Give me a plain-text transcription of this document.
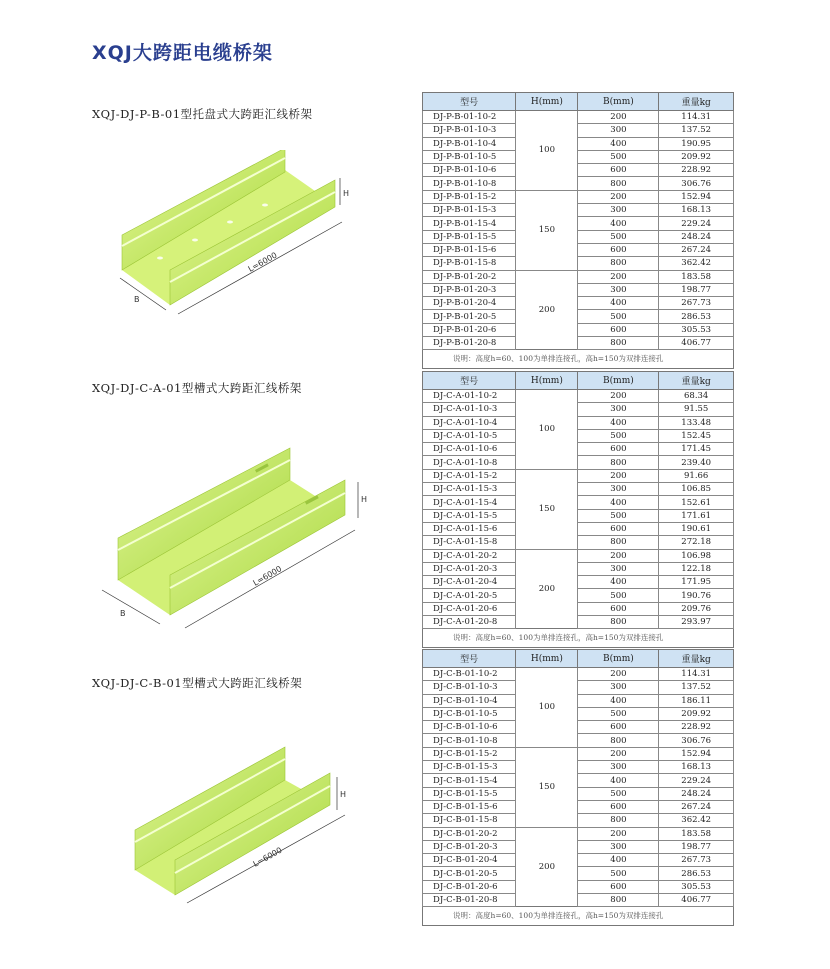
XQJ大跨距电缆桥架
XQJ-DJ-P-B-01型托盘式大跨距汇线桥架
XQJ-DJ-C-A-01型槽式大跨距汇线桥架
XQJ-DJ-C-B-01型槽式大跨距汇线桥架
H
B
L=6000
H
B
L=6000
H
L=6000
型号	H(mm)	B(mm)	重量kg
DJ-P-B-01-10-2	100	200	114.31
DJ-P-B-01-10-3		300	137.52
DJ-P-B-01-10-4		400	190.95
DJ-P-B-01-10-5		500	209.92
DJ-P-B-01-10-6		600	228.92
DJ-P-B-01-10-8		800	306.76
DJ-P-B-01-15-2	150	200	152.94
DJ-P-B-01-15-3		300	168.13
DJ-P-B-01-15-4		400	229.24
DJ-P-B-01-15-5		500	248.24
DJ-P-B-01-15-6		600	267.24
DJ-P-B-01-15-8		800	362.42
DJ-P-B-01-20-2	200	200	183.58
DJ-P-B-01-20-3		300	198.77
DJ-P-B-01-20-4		400	267.73
DJ-P-B-01-20-5		500	286.53
DJ-P-B-01-20-6		600	305.53
DJ-P-B-01-20-8		800	406.77
说明：高度h=60、100为单排连接孔，高h=150为双排连接孔			
型号	H(mm)	B(mm)	重量kg
DJ-C-A-01-10-2	100	200	68.34
DJ-C-A-01-10-3		300	91.55
DJ-C-A-01-10-4		400	133.48
DJ-C-A-01-10-5		500	152.45
DJ-C-A-01-10-6		600	171.45
DJ-C-A-01-10-8		800	239.40
DJ-C-A-01-15-2	150	200	91.66
DJ-C-A-01-15-3		300	106.85
DJ-C-A-01-15-4		400	152.61
DJ-C-A-01-15-5		500	171.61
DJ-C-A-01-15-6		600	190.61
DJ-C-A-01-15-8		800	272.18
DJ-C-A-01-20-2	200	200	106.98
DJ-C-A-01-20-3		300	122.18
DJ-C-A-01-20-4		400	171.95
DJ-C-A-01-20-5		500	190.76
DJ-C-A-01-20-6		600	209.76
DJ-C-A-01-20-8		800	293.97
说明：高度h=60、100为单排连接孔，高h=150为双排连接孔			
型号	H(mm)	B(mm)	重量kg
DJ-C-B-01-10-2	100	200	114.31
DJ-C-B-01-10-3		300	137.52
DJ-C-B-01-10-4		400	186.11
DJ-C-B-01-10-5		500	209.92
DJ-C-B-01-10-6		600	228.92
DJ-C-B-01-10-8		800	306.76
DJ-C-B-01-15-2	150	200	152.94
DJ-C-B-01-15-3		300	168.13
DJ-C-B-01-15-4		400	229.24
DJ-C-B-01-15-5		500	248.24
DJ-C-B-01-15-6		600	267.24
DJ-C-B-01-15-8		800	362.42
DJ-C-B-01-20-2	200	200	183.58
DJ-C-B-01-20-3		300	198.77
DJ-C-B-01-20-4		400	267.73
DJ-C-B-01-20-5		500	286.53
DJ-C-B-01-20-6		600	305.53
DJ-C-B-01-20-8		800	406.77
说明：高度h=60、100为单排连接孔，高h=150为双排连接孔			
